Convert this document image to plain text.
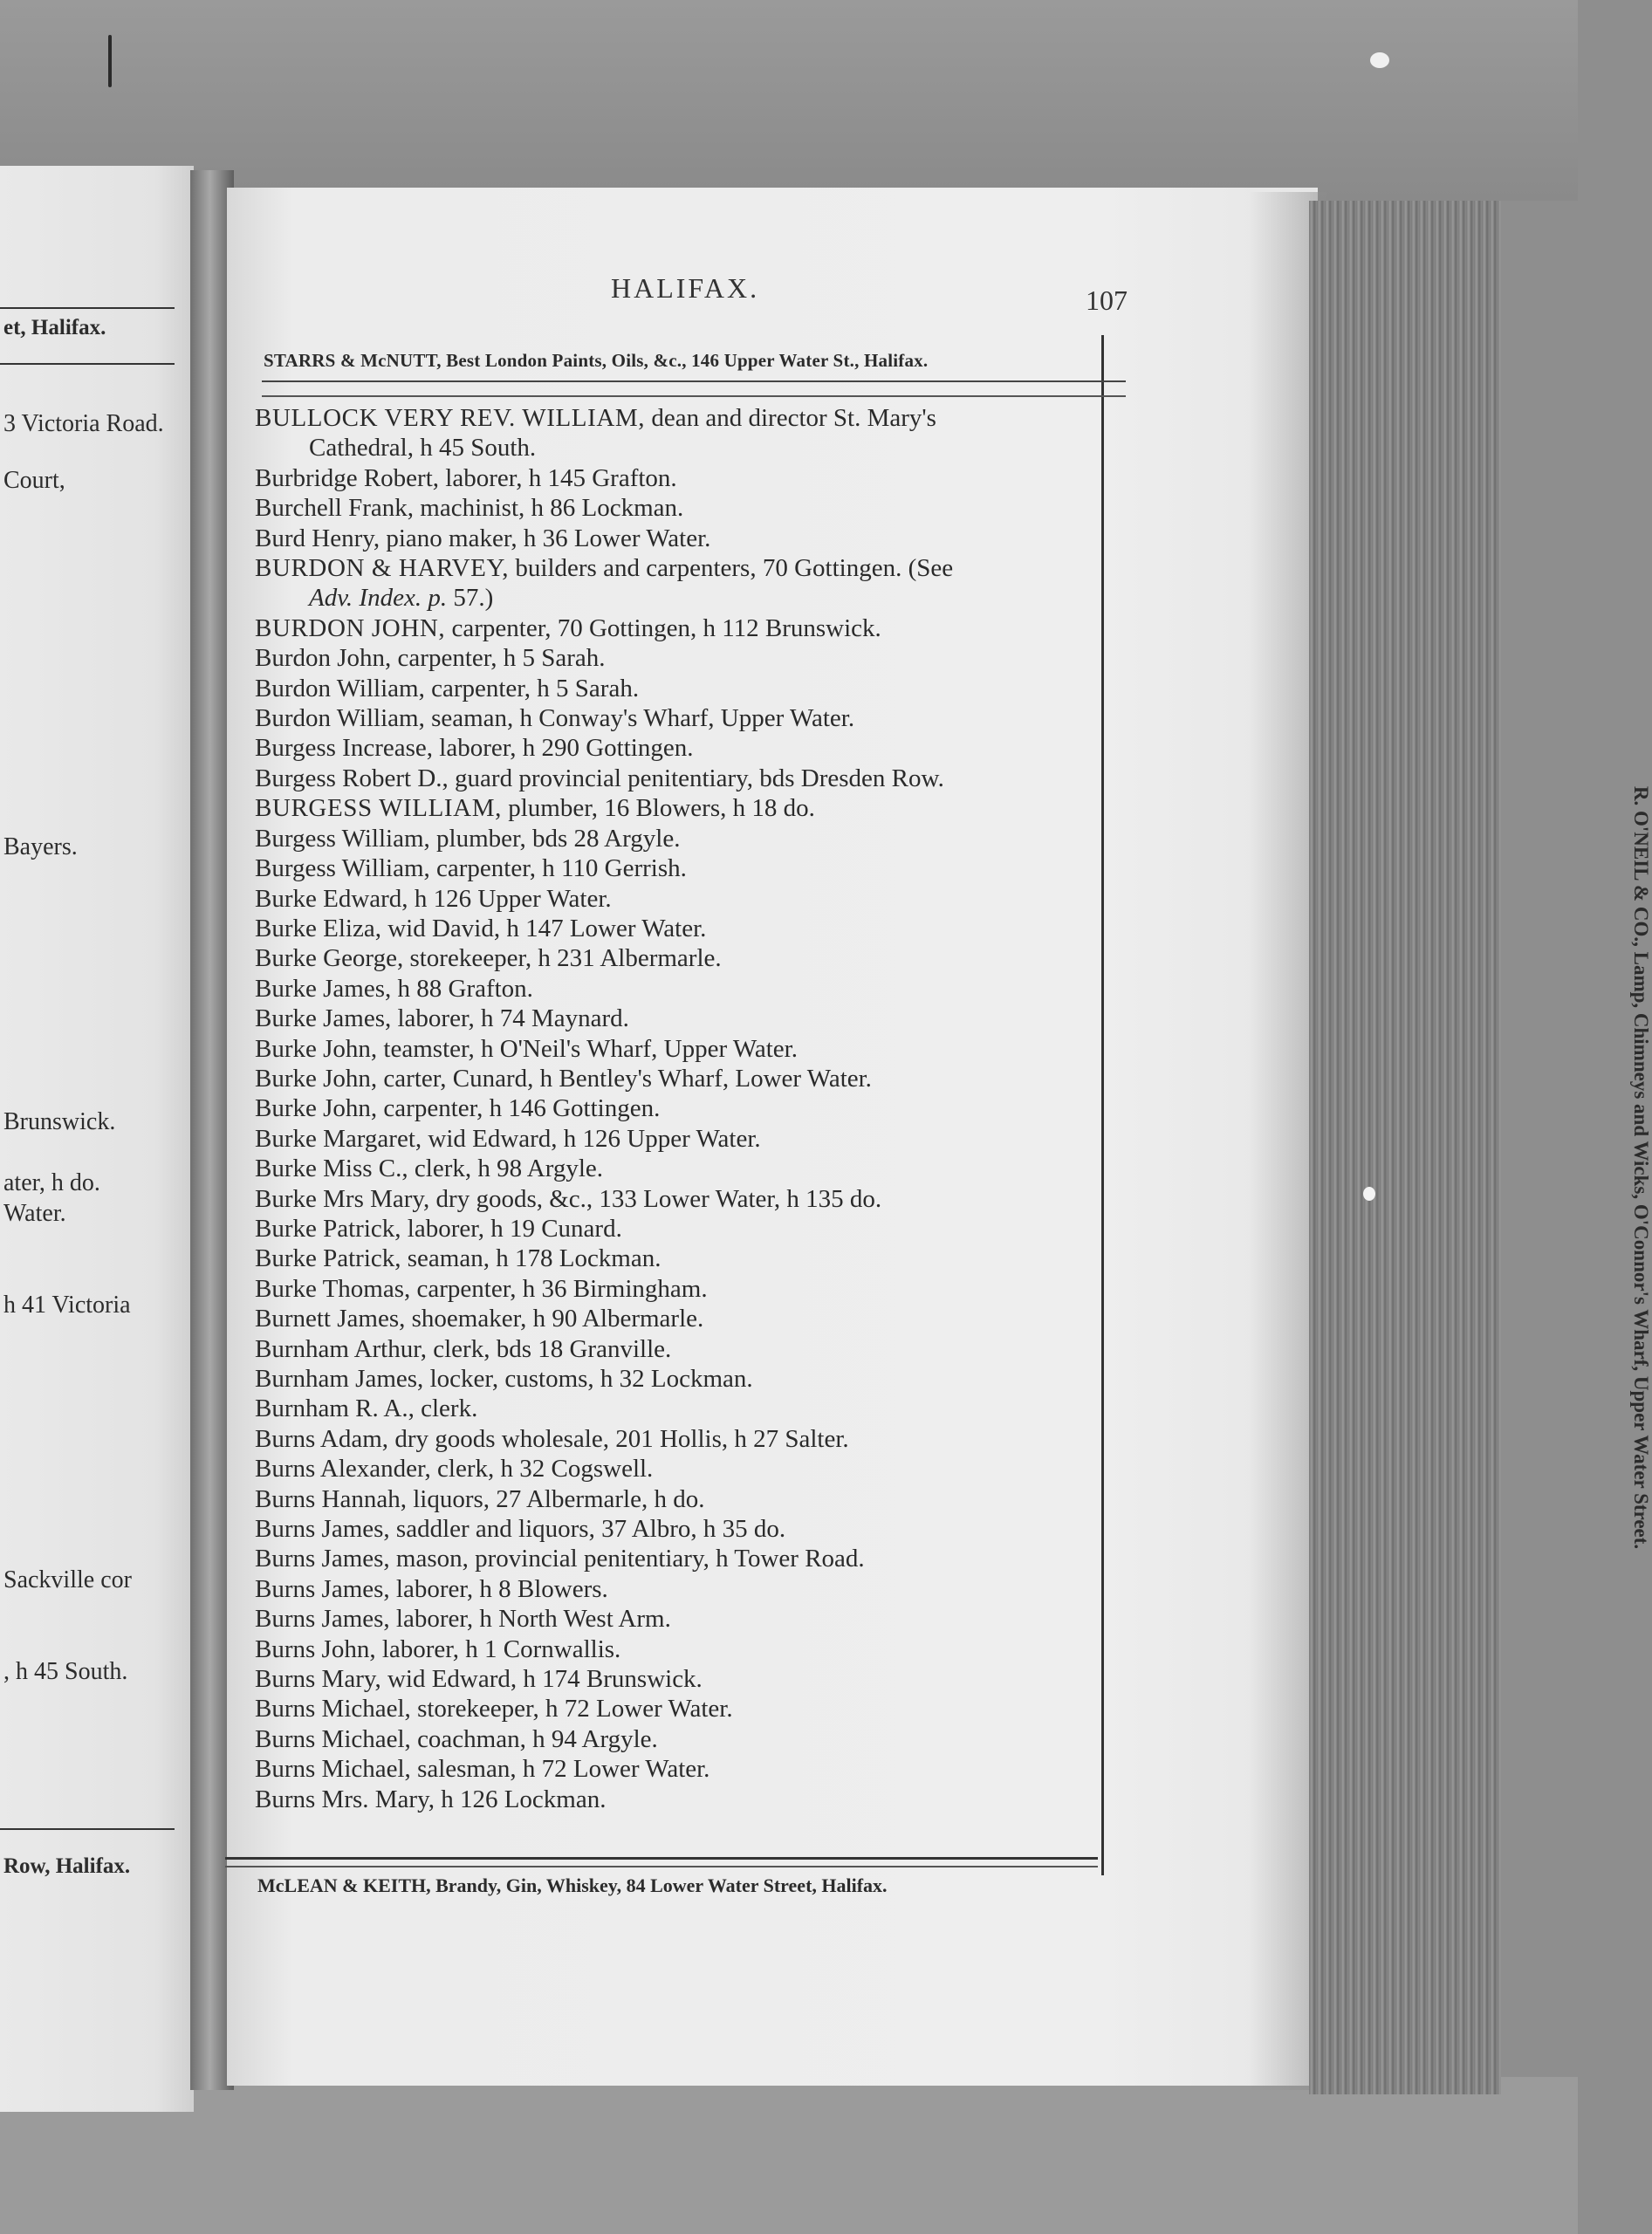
et, Halifax.
3 Victoria Road.
Court,
Bayers.
Brunswick.
ater, h do.
Water.
h 41 Victoria
Sackville cor
, h 45 South.
Row, Halifax.
HALIFAX.	107
STARRS & McNUTT, Best London Paints, Oils, &c., 146 Upper Water St., Halifax.
BULLOCK VERY REV. WILLIAM, dean and director St. Mary's
Cathedral, h 45 South.
Burbridge Robert, laborer, h 145 Grafton.
Burchell Frank, machinist, h 86 Lockman.
Burd Henry, piano maker, h 36 Lower Water.
BURDON & HARVEY, builders and carpenters, 70 Gottingen. (See
Adv. Index. p. 57.)
BURDON JOHN, carpenter, 70 Gottingen, h 112 Brunswick.
Burdon John, carpenter, h 5 Sarah.
Burdon William, carpenter, h 5 Sarah.
Burdon William, seaman, h Conway's Wharf, Upper Water.
Burgess Increase, laborer, h 290 Gottingen.
Burgess Robert D., guard provincial penitentiary, bds Dresden Row.
BURGESS WILLIAM, plumber, 16 Blowers, h 18 do.
Burgess William, plumber, bds 28 Argyle.
Burgess William, carpenter, h 110 Gerrish.
Burke Edward, h 126 Upper Water.
Burke Eliza, wid David, h 147 Lower Water.
Burke George, storekeeper, h 231 Albermarle.
Burke James, h 88 Grafton.
Burke James, laborer, h 74 Maynard.
Burke John, teamster, h O'Neil's Wharf, Upper Water.
Burke John, carter, Cunard, h Bentley's Wharf, Lower Water.
Burke John, carpenter, h 146 Gottingen.
Burke Margaret, wid Edward, h 126 Upper Water.
Burke Miss C., clerk, h 98 Argyle.
Burke Mrs Mary, dry goods, &c., 133 Lower Water, h 135 do.
Burke Patrick, laborer, h 19 Cunard.
Burke Patrick, seaman, h 178 Lockman.
Burke Thomas, carpenter, h 36 Birmingham.
Burnett James, shoemaker, h 90 Albermarle.
Burnham Arthur, clerk, bds 18 Granville.
Burnham James, locker, customs, h 32 Lockman.
Burnham R. A., clerk.
Burns Adam, dry goods wholesale, 201 Hollis, h 27 Salter.
Burns Alexander, clerk, h 32 Cogswell.
Burns Hannah, liquors, 27 Albermarle, h do.
Burns James, saddler and liquors, 37 Albro, h 35 do.
Burns James, mason, provincial penitentiary, h Tower Road.
Burns James, laborer, h 8 Blowers.
Burns James, laborer, h North West Arm.
Burns John, laborer, h 1 Cornwallis.
Burns Mary, wid Edward, h 174 Brunswick.
Burns Michael, storekeeper, h 72 Lower Water.
Burns Michael, coachman, h 94 Argyle.
Burns Michael, salesman, h 72 Lower Water.
Burns Mrs. Mary, h 126 Lockman.
McLEAN & KEITH, Brandy, Gin, Whiskey, 84 Lower Water Street, Halifax.
R. O'NEIL & CO., Lamp, Chimneys and Wicks, O'Connor's Wharf, Upper Water Street.
